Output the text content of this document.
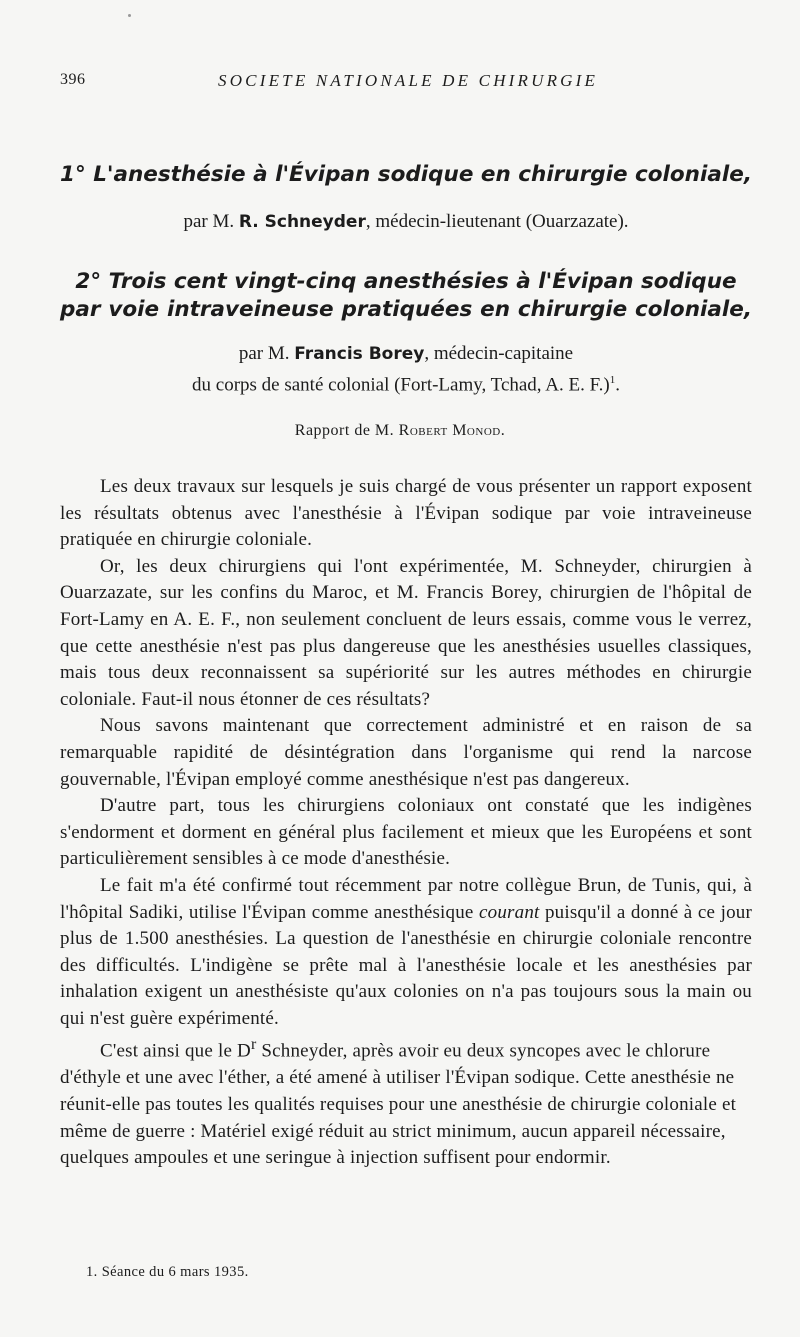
396	SOCIETE NATIONALE DE CHIRURGIE
1° L'anesthésie à l'Évipan sodique en chirurgie coloniale,
par M. R. Schneyder, médecin-lieutenant (Ouarzazate).
2° Trois cent vingt-cinq anesthésies à l'Évipan sodique
par voie intraveineuse pratiquées en chirurgie coloniale,
par M. Francis Borey, médecin-capitaine
du corps de santé colonial (Fort-Lamy, Tchad, A. E. F.)$^1$.
Rapport de M. Robert Monod.

Les deux travaux sur lesquels je suis chargé de vous présenter un rapport exposent les résultats obtenus avec l'anesthésie à l'Évipan sodique par voie intraveineuse pratiquée en chirurgie coloniale.

Or, les deux chirurgiens qui l'ont expérimentée, M. Schneyder, chirurgien à Ouarzazate, sur les confins du Maroc, et M. Francis Borey, chirurgien de l'hôpital de Fort-Lamy en A. E. F., non seulement concluent de leurs essais, comme vous le verrez, que cette anesthésie n'est pas plus dangereuse que les anesthésies usuelles classiques, mais tous deux reconnaissent sa supériorité sur les autres méthodes en chirurgie coloniale. Faut-il nous étonner de ces résultats?

Nous savons maintenant que correctement administré et en raison de sa remarquable rapidité de désintégration dans l'organisme qui rend la narcose gouvernable, l'Évipan employé comme anesthésique n'est pas dangereux.

D'autre part, tous les chirurgiens coloniaux ont constaté que les indigènes s'endorment et dorment en général plus facilement et mieux que les Européens et sont particulièrement sensibles à ce mode d'anesthésie.

Le fait m'a été confirmé tout récemment par notre collègue Brun, de Tunis, qui, à l'hôpital Sadiki, utilise l'Évipan comme anesthésique courant puisqu'il a donné à ce jour plus de 1.500 anesthésies. La question de l'anesthésie en chirurgie coloniale rencontre des difficultés. L'indigène se prête mal à l'anesthésie locale et les anesthésies par inhalation exigent un anesthésiste qu'aux colonies on n'a pas toujours sous la main ou qui n'est guère expérimenté.

C'est ainsi que le $D^r$ Schneyder, après avoir eu deux syncopes avec le chlorure d'éthyle et une avec l'éther, a été amené à utiliser l'Évipan sodique. Cette anesthésie ne réunit-elle pas toutes les qualités requises pour une anesthésie de chirurgie coloniale et même de guerre : Matériel exigé réduit au strict minimum, aucun appareil nécessaire, quelques ampoules et une seringue à injection suffisent pour endormir.

1. Séance du 6 mars 1935.
